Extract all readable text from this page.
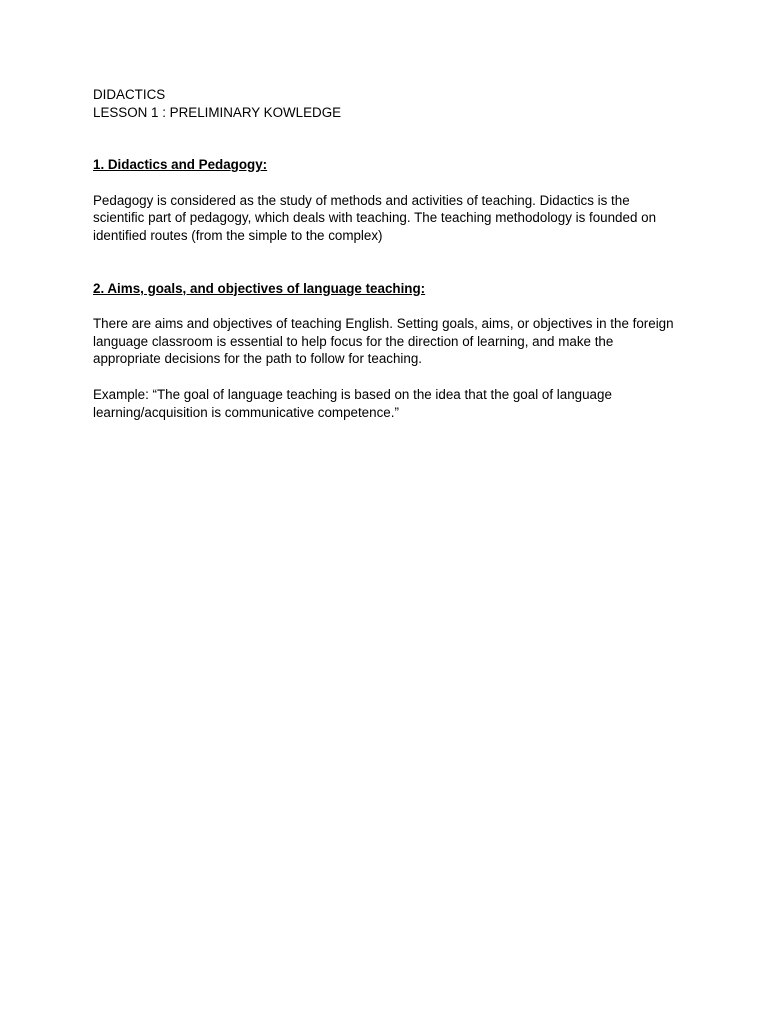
DIDACTICS
LESSON 1 : PRELIMINARY KOWLEDGE
1. Didactics and Pedagogy:

Pedagogy is considered as the study of methods and activities of teaching. Didactics is the scientific part of pedagogy, which deals with teaching. The teaching methodology is founded on identified routes (from the simple to the complex)

2. Aims, goals, and objectives of language teaching:

There are aims and objectives of teaching English. Setting goals, aims, or objectives in the foreign language classroom is essential to help focus for the direction of learning, and make the appropriate decisions for the path to follow for teaching.

Example: “The goal of language teaching is based on the idea that the goal of language learning/acquisition is communicative competence.”
